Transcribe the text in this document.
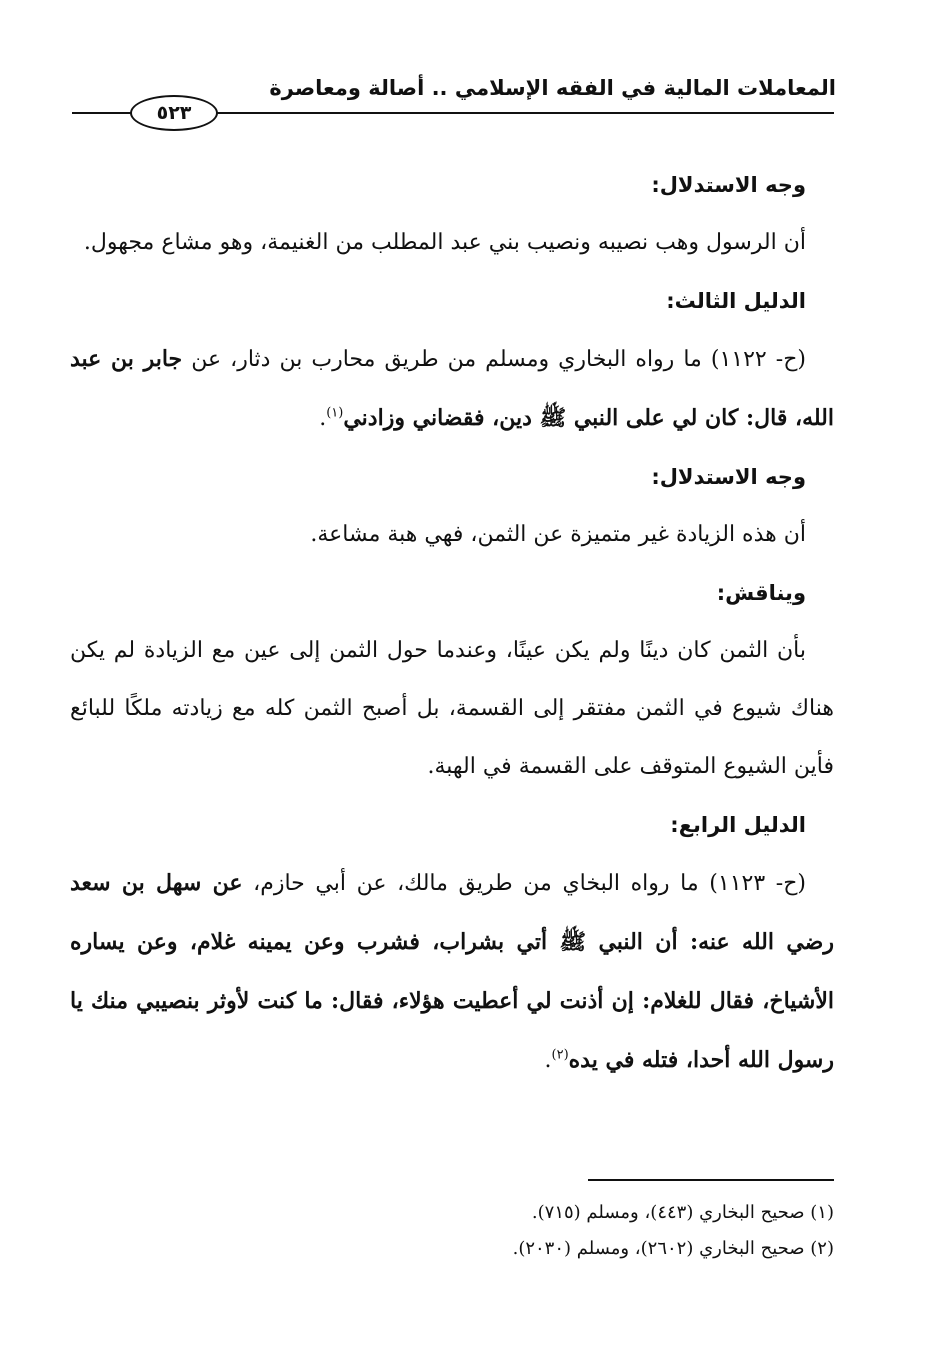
المعاملات المالية في الفقه الإسلامي .. أصالة ومعاصرة
٥٢٣

وجه الاستدلال:

أن الرسول وهب نصيبه ونصيب بني عبد المطلب من الغنيمة، وهو مشاع مجهول.

الدليل الثالث:

(ح- ١١٢٢) ما رواه البخاري ومسلم من طريق محارب بن دثار، عن جابر بن عبد الله، قال: كان لي على النبي ﷺ دين، فقضاني وزادني$^{(١)}$.

وجه الاستدلال:

أن هذه الزيادة غير متميزة عن الثمن، فهي هبة مشاعة.

ويناقش:

بأن الثمن كان دينًا ولم يكن عينًا، وعندما حول الثمن إلى عين مع الزيادة لم يكن هناك شيوع في الثمن مفتقر إلى القسمة، بل أصبح الثمن كله مع زيادته ملكًا للبائع فأين الشيوع المتوقف على القسمة في الهبة.

الدليل الرابع:

(ح- ١١٢٣) ما رواه البخاي من طريق مالك، عن أبي حازم، عن سهل بن سعد رضي الله عنه: أن النبي ﷺ أتي بشراب، فشرب وعن يمينه غلام، وعن يساره الأشياخ، فقال للغلام: إن أذنت لي أعطيت هؤلاء، فقال: ما كنت لأوثر بنصيبي منك يا رسول الله أحدا، فتله في يده$^{(٢)}$.

(١) صحيح البخاري (٤٤٣)، ومسلم (٧١٥).

(٢) صحيح البخاري (٢٦٠٢)، ومسلم (٢٠٣٠).
